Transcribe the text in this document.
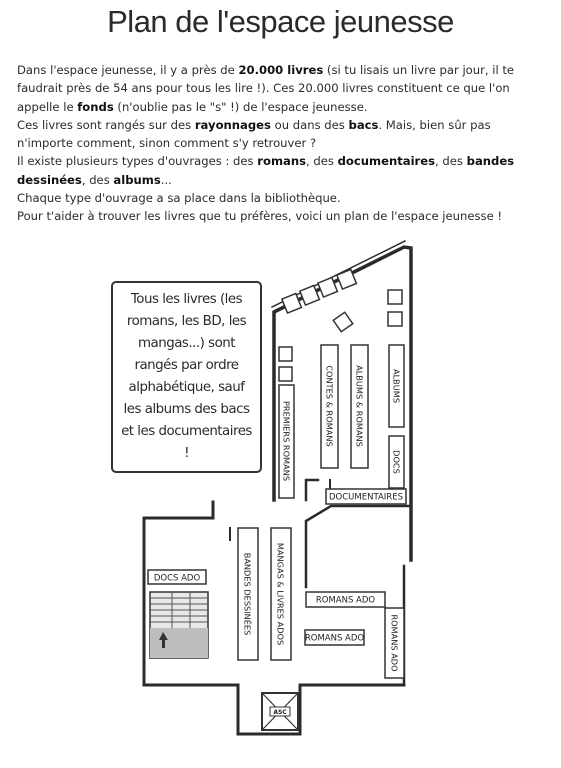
Plan de l'espace jeunesse

Dans l'espace jeunesse, il y a près de 20.000 livres (si tu lisais un livre par jour, il te faudrait près de 54 ans pour tous les lire !). Ces 20.000 livres constituent ce que l'on appelle le fonds (n'oublie pas le "s" !) de l'espace jeunesse.

Ces livres sont rangés sur des rayonnages ou dans des bacs. Mais, bien sûr pas n'importe comment, sinon comment s'y retrouver ?

Il existe plusieurs types d'ouvrages : des romans, des documentaires, des bandes dessinées, des albums...

Chaque type d'ouvrage a sa place dans la bibliothèque.

Pour t'aider à trouver les livres que tu préfères, voici un plan de l'espace jeunesse !

ASC
PREMIERS ROMANS	CONTES & ROMANS ALBUMS & ROMANS	ALBUMS
DOCS
DOCUMENTAIRES
BANDES DESSINÉES	MANGAS & LIVRES ADOS	ROMANS ADO
ROMANS ADO	ROMANS ADO
DOCS ADO
Tous les livres (les romans, les BD, les mangas...) sont rangés par ordre alphabétique, sauf les albums des bacs et les documentaires !
